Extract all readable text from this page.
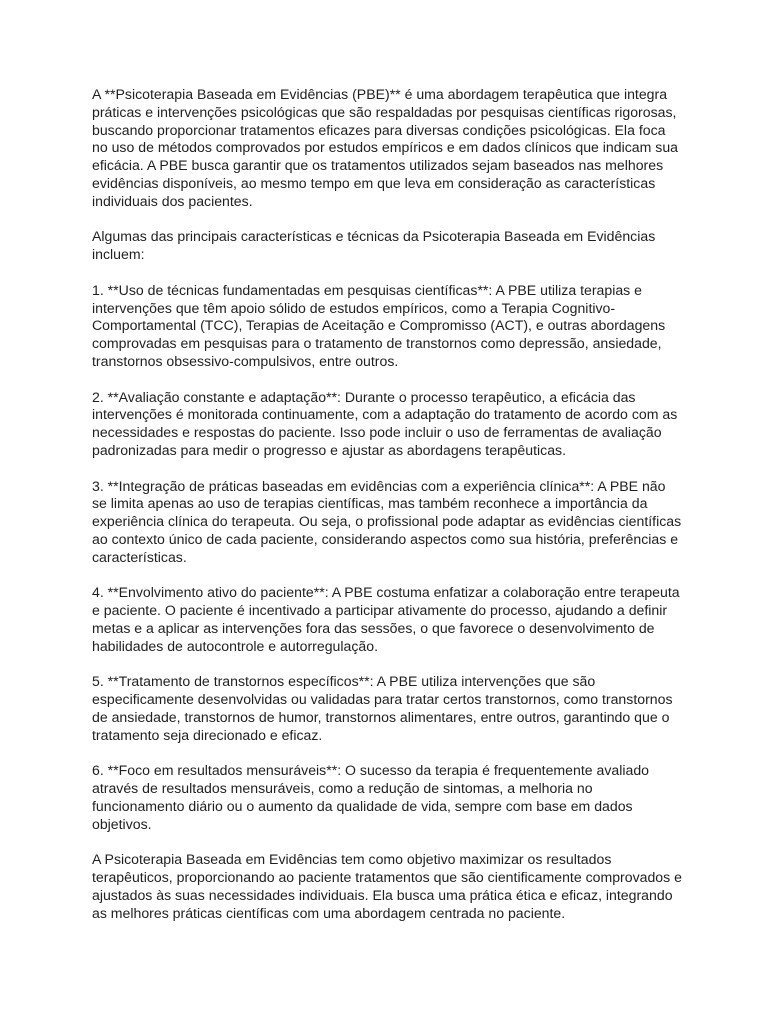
A **Psicoterapia Baseada em Evidências (PBE)** é uma abordagem terapêutica que integra práticas e intervenções psicológicas que são respaldadas por pesquisas científicas rigorosas, buscando proporcionar tratamentos eficazes para diversas condições psicológicas. Ela foca no uso de métodos comprovados por estudos empíricos e em dados clínicos que indicam sua eficácia. A PBE busca garantir que os tratamentos utilizados sejam baseados nas melhores evidências disponíveis, ao mesmo tempo em que leva em consideração as características individuais dos pacientes.

Algumas das principais características e técnicas da Psicoterapia Baseada em Evidências incluem:

1. **Uso de técnicas fundamentadas em pesquisas científicas**: A PBE utiliza terapias e intervenções que têm apoio sólido de estudos empíricos, como a Terapia Cognitivo-Comportamental (TCC), Terapias de Aceitação e Compromisso (ACT), e outras abordagens comprovadas em pesquisas para o tratamento de transtornos como depressão, ansiedade, transtornos obsessivo-compulsivos, entre outros.

2. **Avaliação constante e adaptação**: Durante o processo terapêutico, a eficácia das intervenções é monitorada continuamente, com a adaptação do tratamento de acordo com as necessidades e respostas do paciente. Isso pode incluir o uso de ferramentas de avaliação padronizadas para medir o progresso e ajustar as abordagens terapêuticas.

3. **Integração de práticas baseadas em evidências com a experiência clínica**: A PBE não se limita apenas ao uso de terapias científicas, mas também reconhece a importância da experiência clínica do terapeuta. Ou seja, o profissional pode adaptar as evidências científicas ao contexto único de cada paciente, considerando aspectos como sua história, preferências e características.

4. **Envolvimento ativo do paciente**: A PBE costuma enfatizar a colaboração entre terapeuta e paciente. O paciente é incentivado a participar ativamente do processo, ajudando a definir metas e a aplicar as intervenções fora das sessões, o que favorece o desenvolvimento de habilidades de autocontrole e autorregulação.

5. **Tratamento de transtornos específicos**: A PBE utiliza intervenções que são especificamente desenvolvidas ou validadas para tratar certos transtornos, como transtornos de ansiedade, transtornos de humor, transtornos alimentares, entre outros, garantindo que o tratamento seja direcionado e eficaz.

6. **Foco em resultados mensuráveis**: O sucesso da terapia é frequentemente avaliado através de resultados mensuráveis, como a redução de sintomas, a melhoria no funcionamento diário ou o aumento da qualidade de vida, sempre com base em dados objetivos.

A Psicoterapia Baseada em Evidências tem como objetivo maximizar os resultados terapêuticos, proporcionando ao paciente tratamentos que são cientificamente comprovados e ajustados às suas necessidades individuais. Ela busca uma prática ética e eficaz, integrando as melhores práticas científicas com uma abordagem centrada no paciente.
